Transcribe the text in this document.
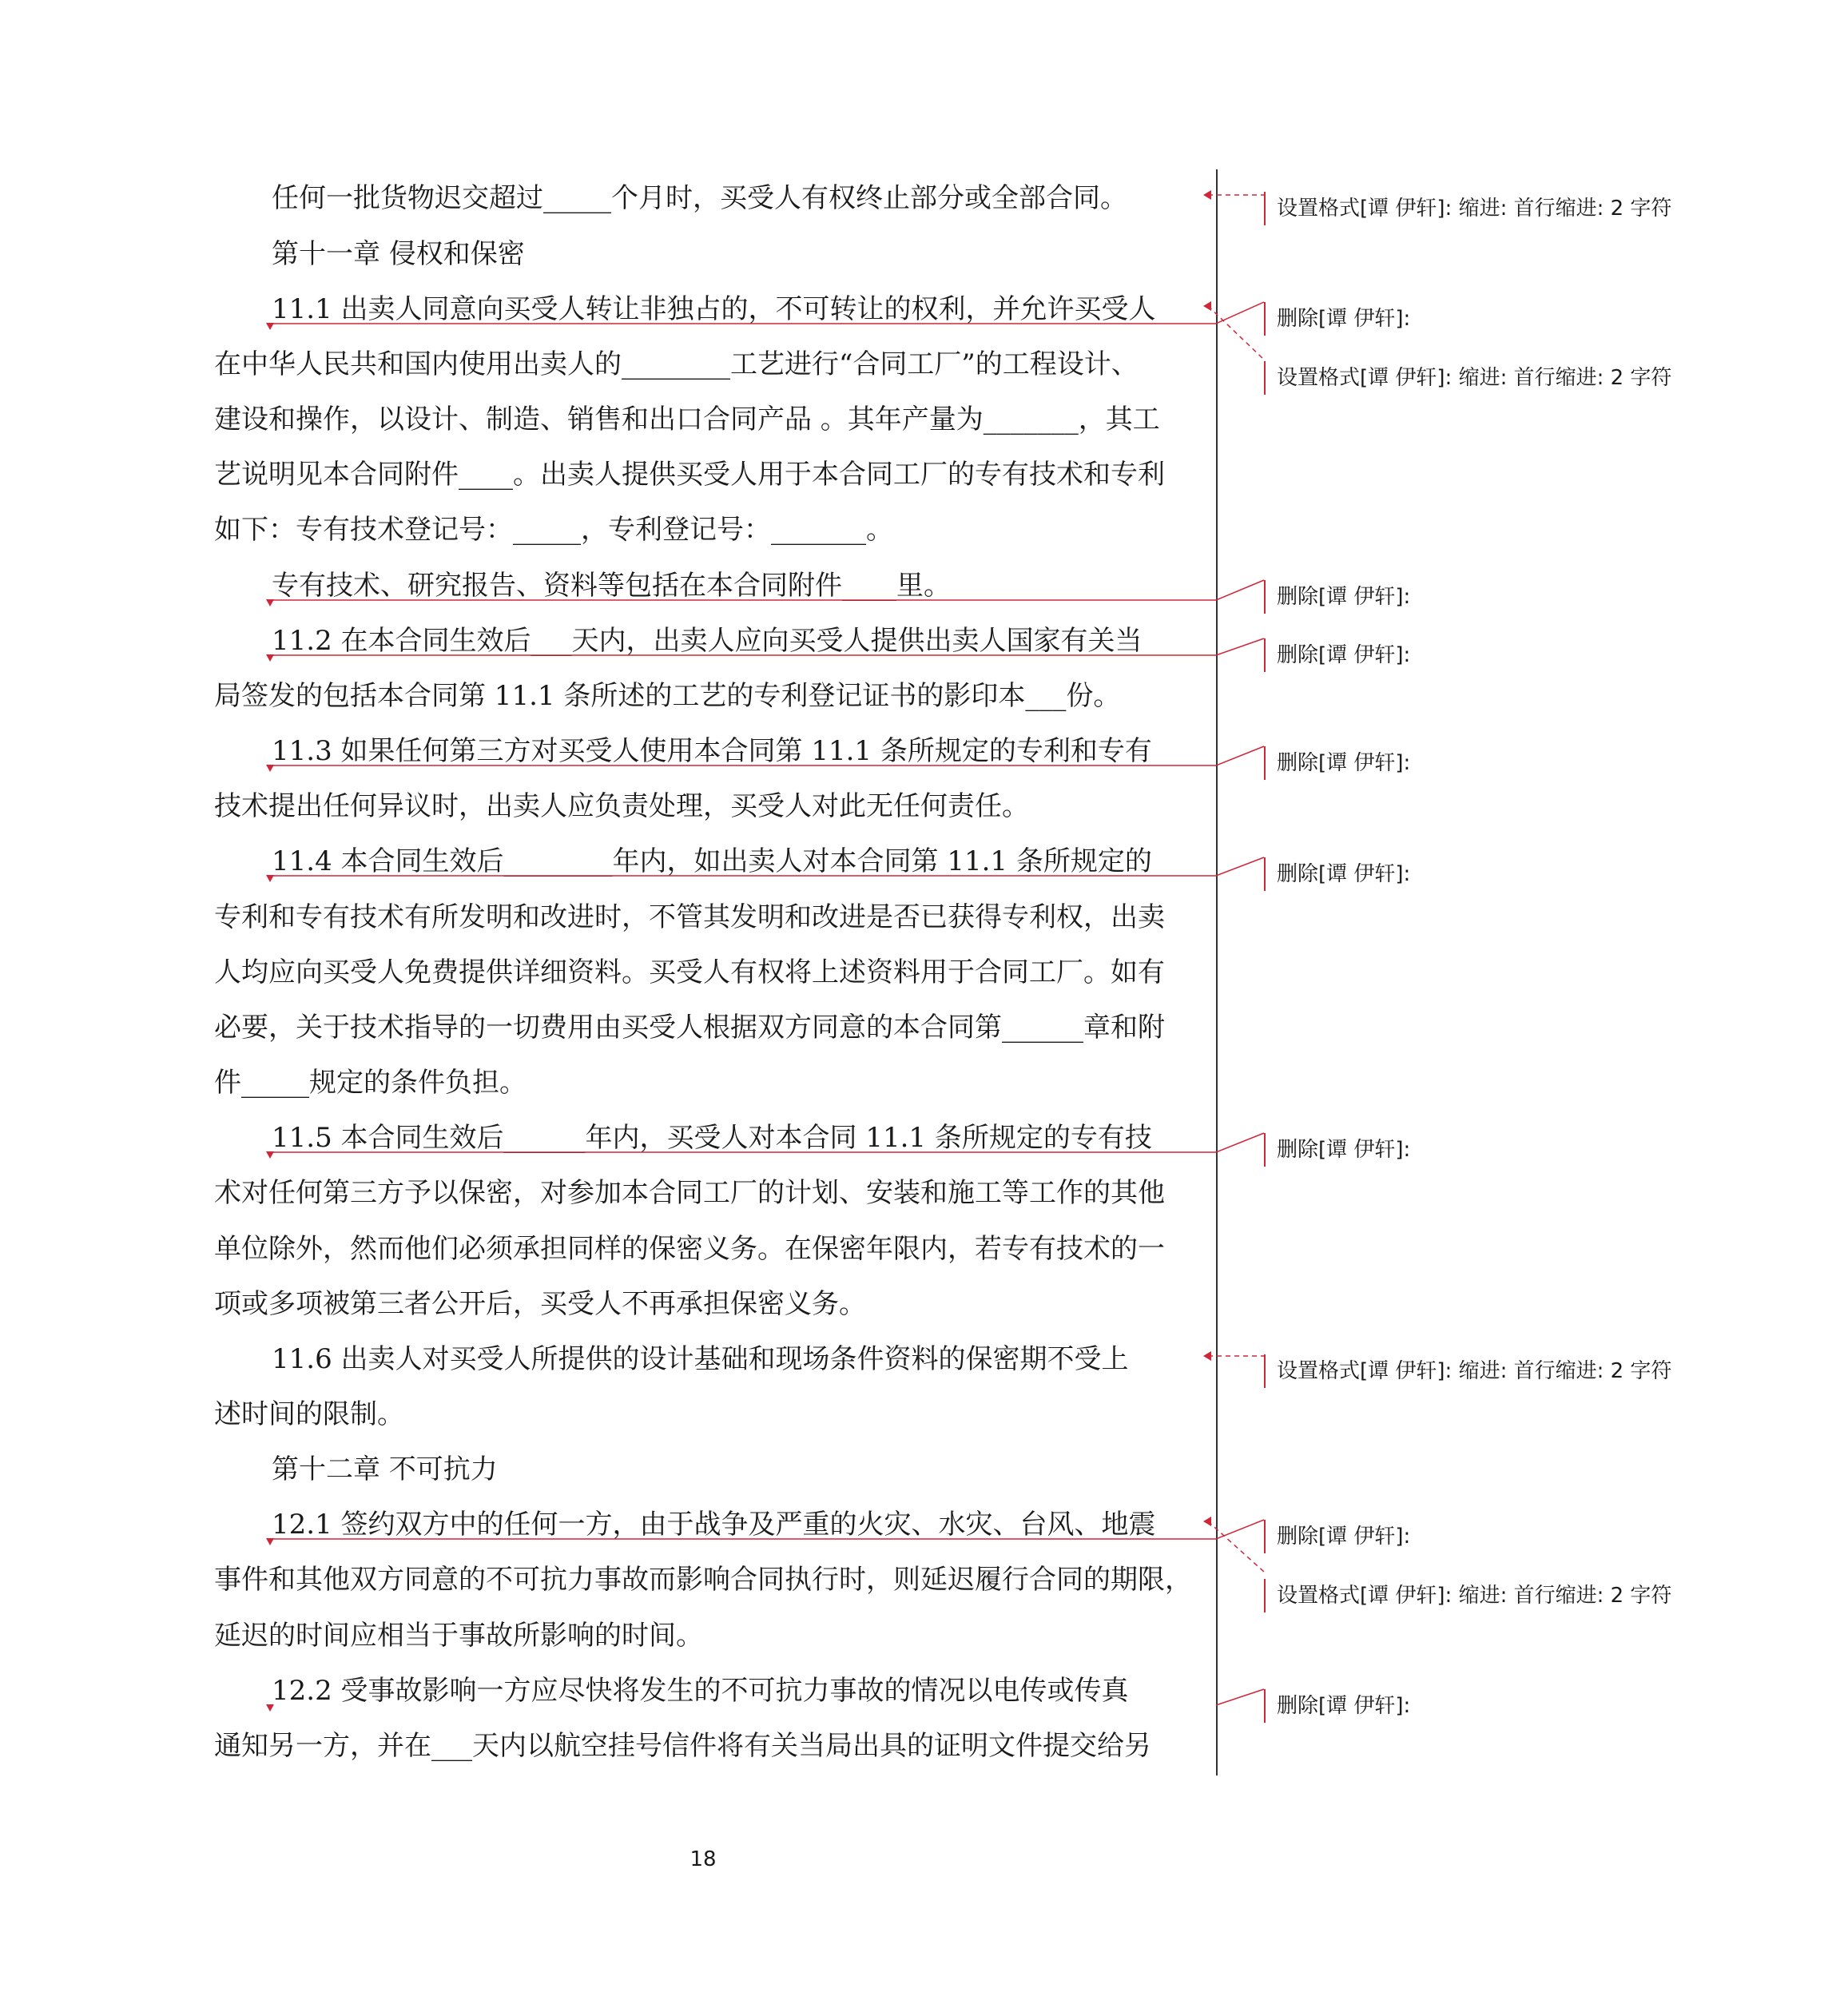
任何一批货物迟交超过_____个月时，买受人有权终止部分或全部合同。
第十一章 侵权和保密
11.1 出卖人同意向买受人转让非独占的，不可转让的权利，并允许买受人
在中华人民共和国内使用出卖人的________工艺进行“合同工厂”的工程设计、
建设和操作，以设计、制造、销售和出口合同产品 。其年产量为_______，其工
艺说明见本合同附件____。出卖人提供买受人用于本合同工厂的专有技术和专利
如下：专有技术登记号：_____，专利登记号：_______。
专有技术、研究报告、资料等包括在本合同附件____里。
11.2 在本合同生效后___天内，出卖人应向买受人提供出卖人国家有关当
局签发的包括本合同第 11.1 条所述的工艺的专利登记证书的影印本___份。
11.3 如果任何第三方对买受人使用本合同第 11.1 条所规定的专利和专有
技术提出任何异议时，出卖人应负责处理，买受人对此无任何责任。
11.4 本合同生效后________年内，如出卖人对本合同第 11.1 条所规定的
专利和专有技术有所发明和改进时，不管其发明和改进是否已获得专利权，出卖
人均应向买受人免费提供详细资料。买受人有权将上述资料用于合同工厂。如有
必要，关于技术指导的一切费用由买受人根据双方同意的本合同第______章和附
件_____规定的条件负担。
11.5 本合同生效后______年内，买受人对本合同 11.1 条所规定的专有技
术对任何第三方予以保密，对参加本合同工厂的计划、安装和施工等工作的其他
单位除外，然而他们必须承担同样的保密义务。在保密年限内，若专有技术的一
项或多项被第三者公开后，买受人不再承担保密义务。
11.6 出卖人对买受人所提供的设计基础和现场条件资料的保密期不受上
述时间的限制。
第十二章 不可抗力
12.1 签约双方中的任何一方，由于战争及严重的火灾、水灾、台风、地震
事件和其他双方同意的不可抗力事故而影响合同执行时，则延迟履行合同的期限，
延迟的时间应相当于事故所影响的时间。
12.2 受事故影响一方应尽快将发生的不可抗力事故的情况以电传或传真
通知另一方，并在___天内以航空挂号信件将有关当局出具的证明文件提交给另
设置格式[谭 伊轩]: 缩进: 首行缩进: 2 字符
删除[谭 伊轩]:
设置格式[谭 伊轩]: 缩进: 首行缩进: 2 字符
删除[谭 伊轩]:
删除[谭 伊轩]:
删除[谭 伊轩]:
删除[谭 伊轩]:
删除[谭 伊轩]:
设置格式[谭 伊轩]: 缩进: 首行缩进: 2 字符
删除[谭 伊轩]:
设置格式[谭 伊轩]: 缩进: 首行缩进: 2 字符
删除[谭 伊轩]:
18
